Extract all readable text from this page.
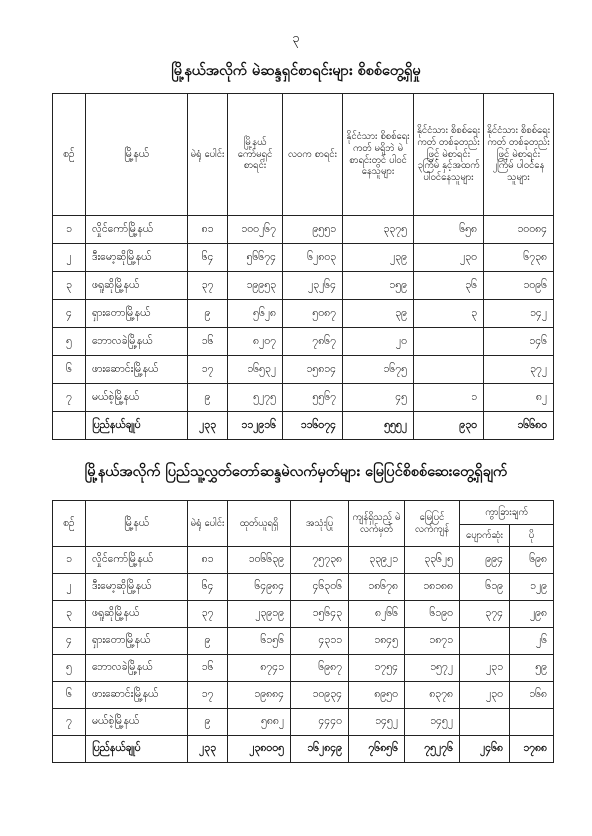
၃
မြို့နယ်အလိုက် မဲဆန္ဒရှင်စာရင်းများ စိစစ်တွေ့ရှိမှု
စဉ်	မြို့နယ်	မဲရုံ ပေါင်း	မြို့နယ် ကော်မရှင် စာရင်း	လဝက စာရင်း	နိုင်ငံသား စိစစ်ရေးကတ် မရှိဘဲ မဲစာရင်းတွင် ပါဝင်နေသူများ	နိုင်ငံသား စိစစ်ရေးကတ် တစ်ခုတည်းဖြင့် မဲစာရင်း ၃ကြိမ် နှင့်အထက် ပါဝင်နေသူများ	နိုင်ငံသား စိစစ်ရေးကတ် တစ်ခုတည်းဖြင့် မဲစာရင်း ၂ကြိမ် ပါဝင်နေသူများ
၁	လှိုင်ကော်မြို့နယ်	၈၁	၁၀၀၂၆၇	၉၅၅၁	၃၃၇၅	၆၅၈	၁၀၀၈၄
၂	ဒီးမော့ဆိုမြို့နယ်	၆၄	၅၆၆၇၄	၆၂၈၀၃	၂၃၉	၂၃၀	၆၇၃၈
၃	ဖရူဆိုမြို့နယ်	၃၇	၁၉၉၅၃	၂၃၂၆၄	၁၅၉	၃၆	၁၀၉၆
၄	ရှားတောမြို့နယ်	၉	၅၆၂၈	၅၀၈၇	၃၉	၃	၁၄၂
၅	ဘောလခဲမြို့နယ်	၁၆	၈၂၀၇	၇၈၆၇	၂၀		၁၄၆
၆	ဖားဆောင်းမြို့နယ်	၁၇	၁၆၅၃၂	၁၅၈၁၄	၁၆၇၅		၃၇၂
၇	မယ်စဲ့မြို့နယ်	၉	၅၂၇၅	၅၅၆၇	၄၅	၁	၈၂
	ပြည်နယ်ချုပ်	၂၃၃	၁၁၂၉၁၆	၁၁၆၀၇၄	၅၅၅၂	၉၃၀	၁၆၆၈၀
မြို့နယ်အလိုက် ပြည်သူ့လွှတ်တော်ဆန္ဒမဲလက်မှတ်များ မြေပြင်စိစစ်ဆေးတွေ့ရှိချက်
စဉ်	မြို့နယ်	မဲရုံ ပေါင်း	ထုတ်ယူရရှိ	အသုံးပြု	ကျန်ရှိသည့် မဲလက်မှတ်	မြေပြင် လက်ကျန်	ကွာခြားချက်	
							ပျောက်ဆုံး	ပို
၁	လှိုင်ကော်မြို့နယ်	၈၁	၁၀၆၆၃၉	၇၅၇၃၈	၃၃၉၂၁	၃၃၆၂၅	၉၉၄	၆၉၈
၂	ဒီးမော့ဆိုမြို့နယ်	၆၄	၆၄၉၈၄	၄၆၃၀၆	၁၈၆၇၈	၁၈၁၈၈	၆၁၉	၁၂၉
၃	ဖရူဆိုမြို့နယ်	၃၇	၂၃၉၁၉	၁၅၆၄၃	၈၂၆၆	၆၁၉၀	၃၇၄	၂၉၈
၄	ရှားတောမြို့နယ်	၉	၆၁၅၆	၄၃၁၁	၁၈၄၅	၁၈၇၁		၂၆
၅	ဘောလခဲမြို့နယ်	၁၆	၈၇၄၁	၆၉၈၇	၁၇၅၄	၁၅၇၂	၂၃၁	၅၉
၆	ဖားဆောင်းမြို့နယ်	၁၇	၁၉၈၈၄	၁၀၉၃၄	၈၉၅၀	၈၃၇၈	၂၃၀	၁၆၈
၇	မယ်စဲ့မြို့နယ်	၉	၅၈၈၂	၄၄၄၀	၁၄၅၂	၁၄၅၂		
	ပြည်နယ်ချုပ်	၂၃၃	၂၃၈၀၀၅	၁၆၂၈၄၉	၇၆၈၅၆	၇၅၂၇၆	၂၄၆၈	၁၇၈၈
